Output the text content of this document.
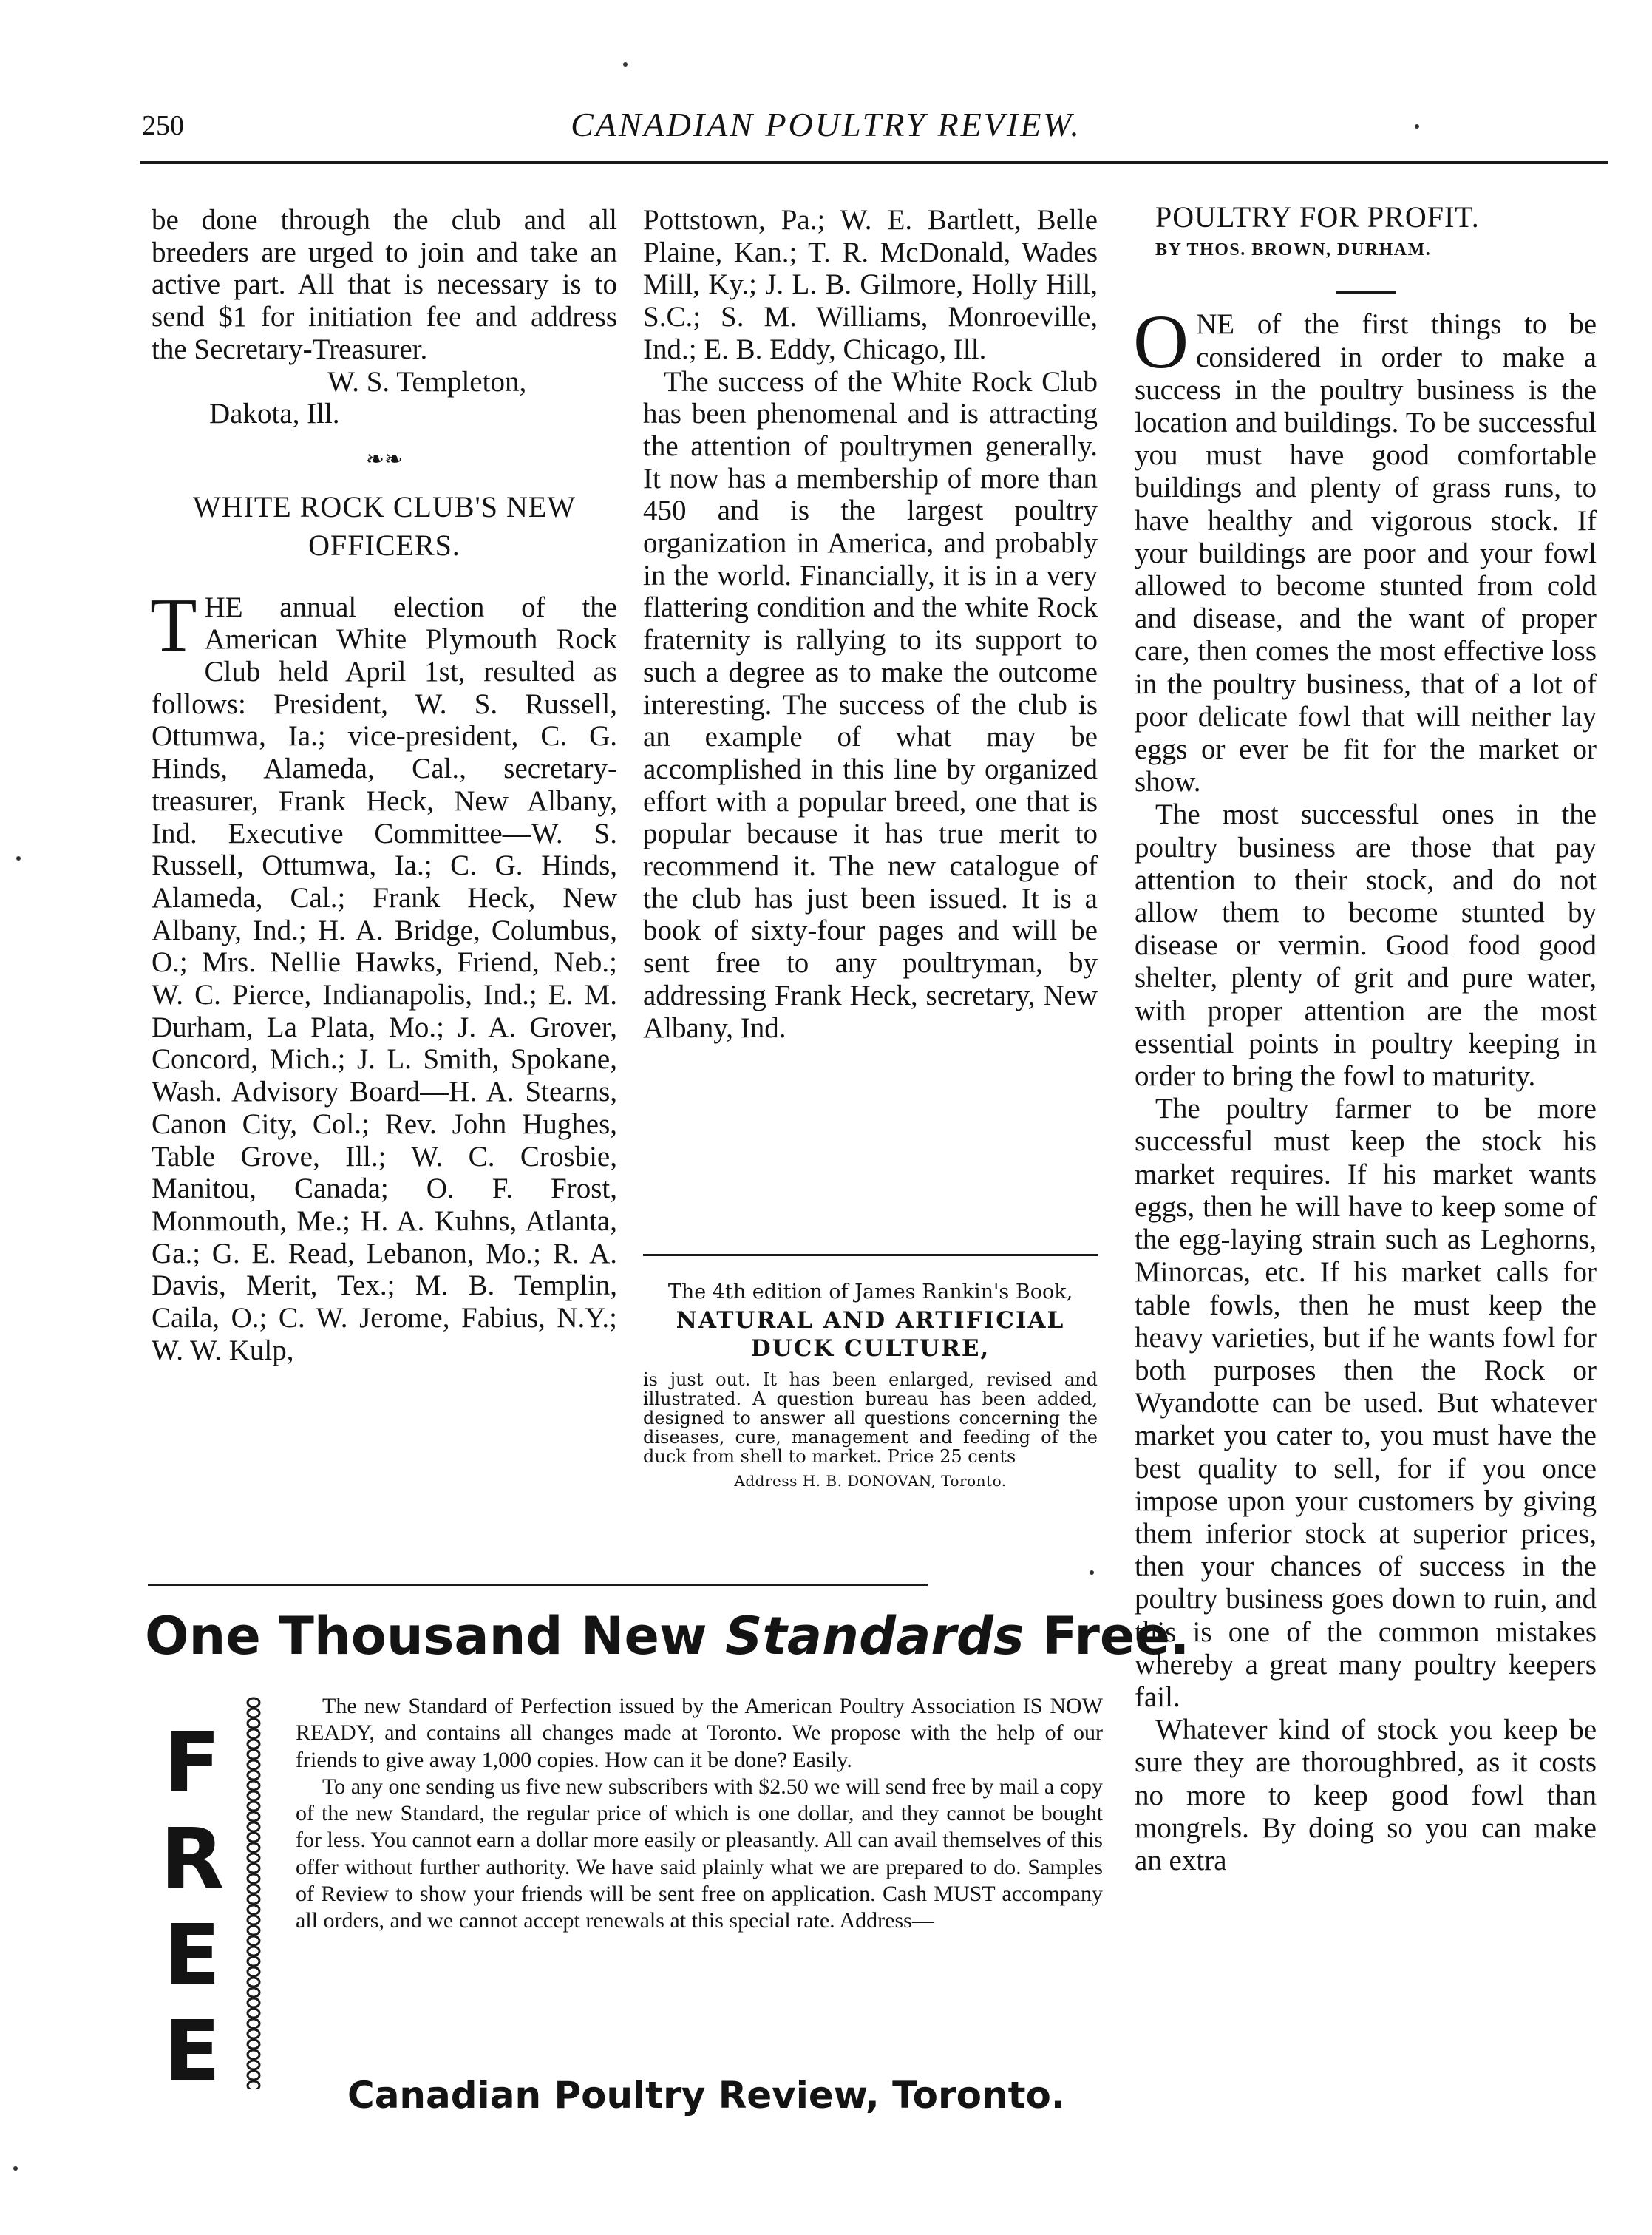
250	CANADIAN POULTRY REVIEW.

be done through the club and all breeders are urged to join and take an active part. All that is necessary is to send $1 for initiation fee and address the Secretary-Treasurer.

W. S. Templeton,

Dakota, Ill.

❧❧
WHITE ROCK CLUB'S NEW
OFFICERS.

THE annual election of the American White Plymouth Rock Club held April 1st, resulted as follows: President, W. S. Russell, Ottumwa, Ia.; vice-president, C. G. Hinds, Alameda, Cal., secretary-treasurer, Frank Heck, New Albany, Ind. Executive Committee—W. S. Russell, Ottumwa, Ia.; C. G. Hinds, Alameda, Cal.; Frank Heck, New Albany, Ind.; H. A. Bridge, Columbus, O.; Mrs. Nellie Hawks, Friend, Neb.; W. C. Pierce, Indianapolis, Ind.; E. M. Durham, La Plata, Mo.; J. A. Grover, Concord, Mich.; J. L. Smith, Spokane, Wash. Advisory Board—H. A. Stearns, Canon City, Col.; Rev. John Hughes, Table Grove, Ill.; W. C. Crosbie, Manitou, Canada; O. F. Frost, Monmouth, Me.; H. A. Kuhns, Atlanta, Ga.; G. E. Read, Lebanon, Mo.; R. A. Davis, Merit, Tex.; M. B. Templin, Caila, O.; C. W. Jerome, Fabius, N.Y.; W. W. Kulp,

Pottstown, Pa.; W. E. Bartlett, Belle Plaine, Kan.; T. R. McDonald, Wades Mill, Ky.; J. L. B. Gilmore, Holly Hill, S.C.; S. M. Williams, Monroeville, Ind.; E. B. Eddy, Chicago, Ill.

The success of the White Rock Club has been phenomenal and is attracting the attention of poultrymen generally. It now has a membership of more than 450 and is the largest poultry organization in America, and probably in the world. Financially, it is in a very flattering condition and the white Rock fraternity is rallying to its support to such a degree as to make the outcome interesting. The success of the club is an example of what may be accomplished in this line by organized effort with a popular breed, one that is popular because it has true merit to recommend it. The new catalogue of the club has just been issued. It is a book of sixty-four pages and will be sent free to any poultryman, by addressing Frank Heck, secretary, New Albany, Ind.

The 4th edition of James Rankin's Book,

NATURAL AND ARTIFICIAL
DUCK CULTURE,

is just out. It has been enlarged, revised and illustrated. A question bureau has been added, designed to answer all questions concerning the diseases, cure, management and feeding of the duck from shell to market. Price 25 cents

Address H. B. DONOVAN, Toronto.

One Thousand New Standards Free.
F
R
E
E

The new Standard of Perfection issued by the American Poultry Association IS NOW READY, and contains all changes made at Toronto. We propose with the help of our friends to give away 1,000 copies. How can it be done? Easily.

To any one sending us five new subscribers with $2.50 we will send free by mail a copy of the new Standard, the regular price of which is one dollar, and they cannot be bought for less. You cannot earn a dollar more easily or pleasantly. All can avail themselves of this offer without further authority. We have said plainly what we are prepared to do. Samples of Review to show your friends will be sent free on application. Cash MUST accompany all orders, and we cannot accept renewals at this special rate. Address—

Canadian Poultry Review, Toronto.

POULTRY FOR PROFIT.

BY THOS. BROWN, DURHAM.

ONE of the first things to be considered in order to make a success in the poultry business is the location and buildings. To be successful you must have good comfortable buildings and plenty of grass runs, to have healthy and vigorous stock. If your buildings are poor and your fowl allowed to become stunted from cold and disease, and the want of proper care, then comes the most effective loss in the poultry business, that of a lot of poor delicate fowl that will neither lay eggs or ever be fit for the market or show.

The most successful ones in the poultry business are those that pay attention to their stock, and do not allow them to become stunted by disease or vermin. Good food good shelter, plenty of grit and pure water, with proper attention are the most essential points in poultry keeping in order to bring the fowl to maturity.

The poultry farmer to be more successful must keep the stock his market requires. If his market wants eggs, then he will have to keep some of the egg-laying strain such as Leghorns, Minorcas, etc. If his market calls for table fowls, then he must keep the heavy varieties, but if he wants fowl for both purposes then the Rock or Wyandotte can be used. But whatever market you cater to, you must have the best quality to sell, for if you once impose upon your customers by giving them inferior stock at superior prices, then your chances of success in the poultry business goes down to ruin, and this is one of the common mistakes whereby a great many poultry keepers fail.

Whatever kind of stock you keep be sure they are thoroughbred, as it costs no more to keep good fowl than mongrels. By doing so you can make an extra
